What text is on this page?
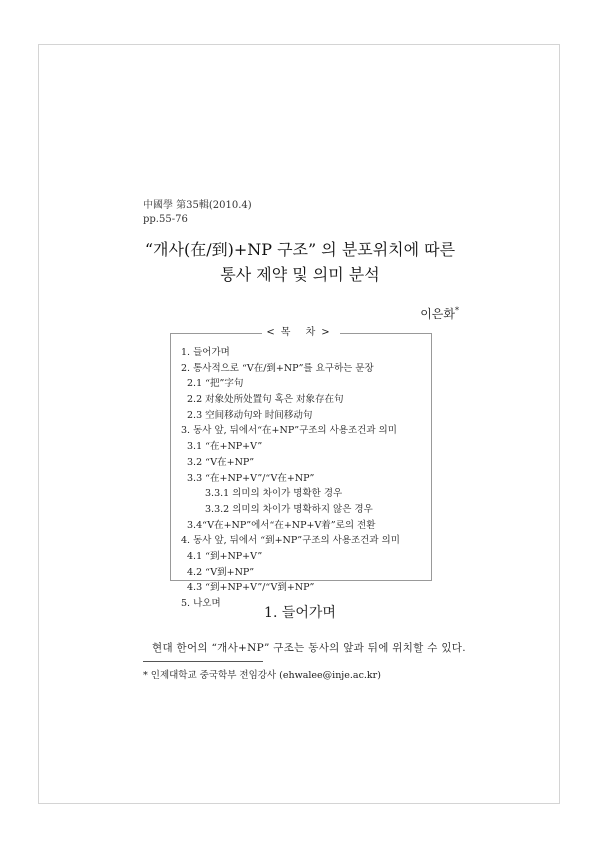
中國學 第35輯(2010.4)
pp.55-76
“개사(在/到)+NP 구조” 의 분포위치에 따른
통사 제약 및 의미 분석
이은화*
<목 차>
1. 들어가며
2. 통사적으로 “V在/到+NP”를 요구하는 문장
2.1 “把”字句
2.2 对象处所处置句 혹은 对象存在句
2.3 空间移动句와 时间移动句
3. 동사 앞, 뒤에서“在+NP”구조의 사용조건과 의미
3.1 “在+NP+V”
3.2 “V在+NP”
3.3 “在+NP+V”/“V在+NP”
3.3.1 의미의 차이가 명확한 경우
3.3.2 의미의 차이가 명확하지 않은 경우
3.4“V在+NP”에서“在+NP+V着”로의 전환
4. 동사 앞, 뒤에서 “到+NP”구조의 사용조건과 의미
4.1 “到+NP+V”
4.2 “V到+NP”
4.3 “到+NP+V”/“V到+NP”
5. 나오며
1. 들어가며
현대 한어의 “개사+NP” 구조는 동사의 앞과 뒤에 위치할 수 있다.
* 인제대학교 중국학부 전임강사 (ehwalee@inje.ac.kr)
